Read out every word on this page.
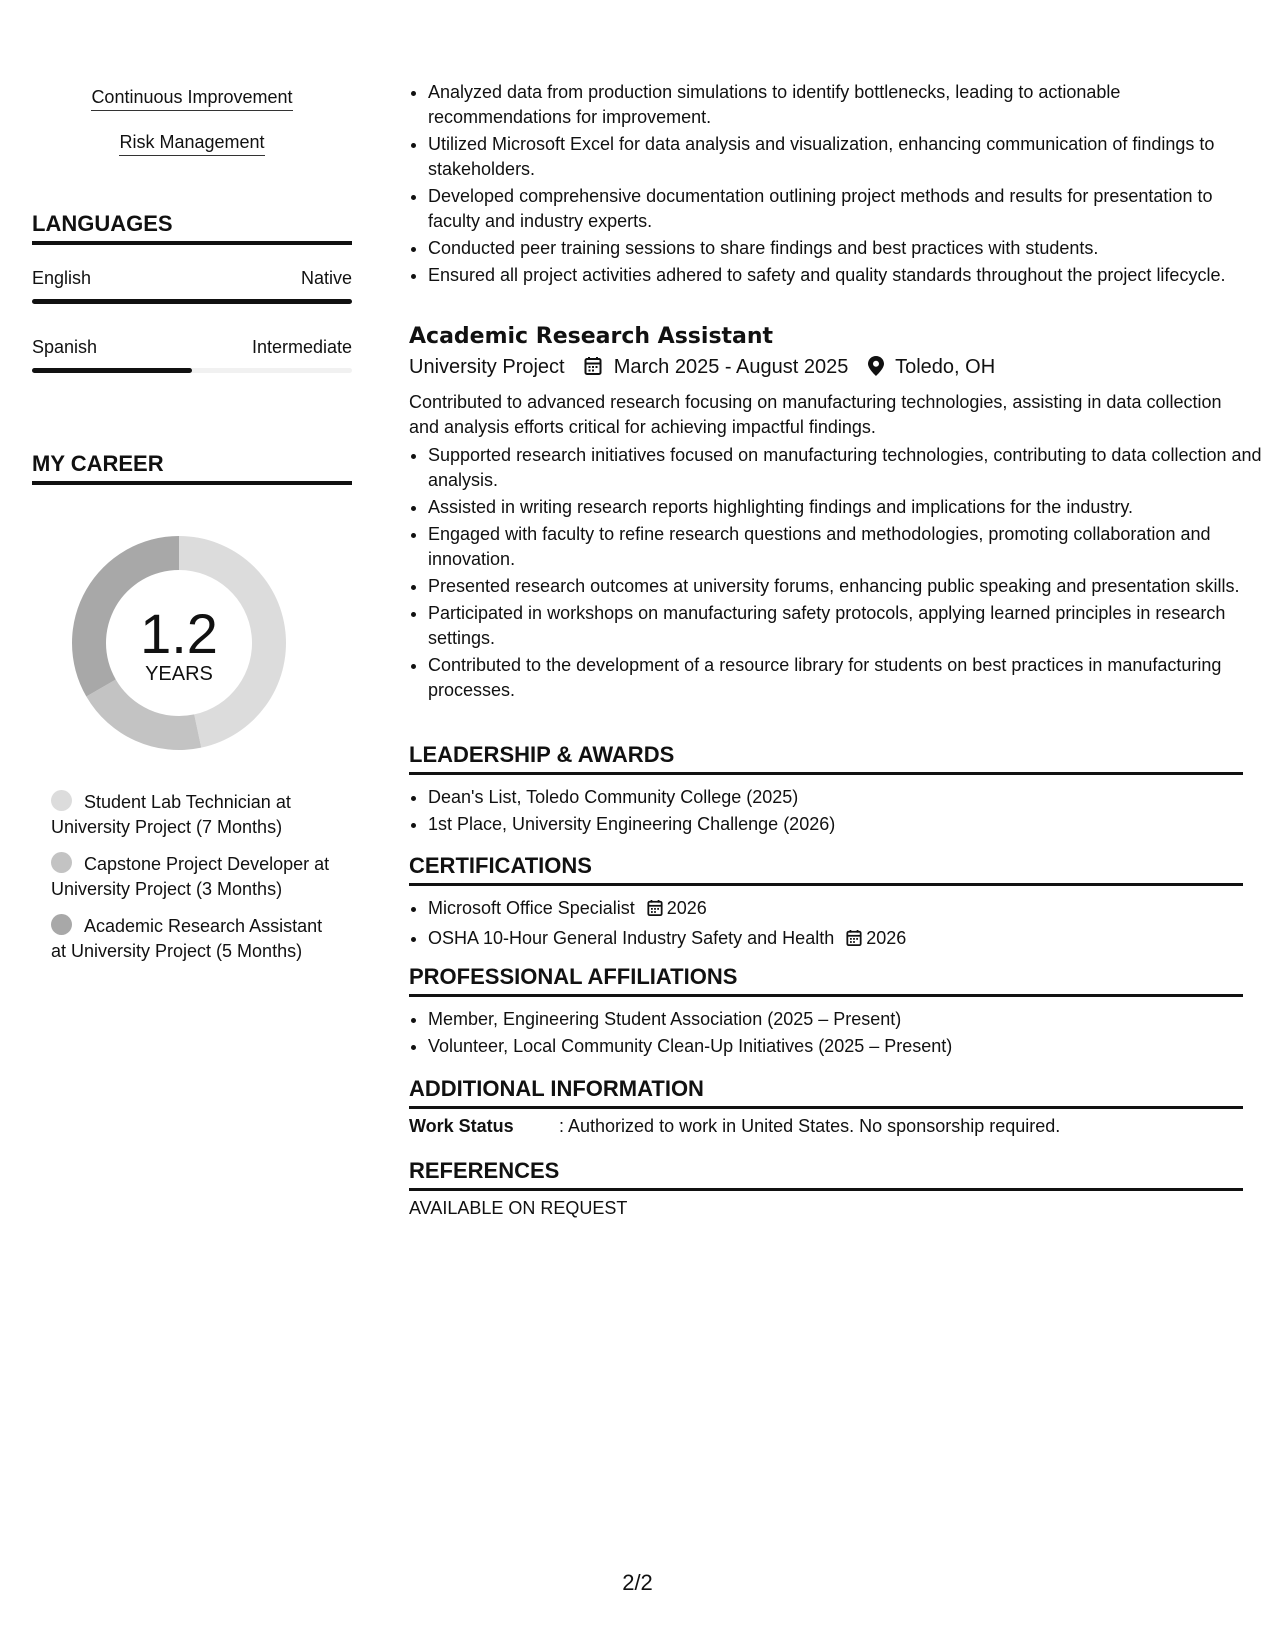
Continuous Improvement
Risk Management
LANGUAGES
English	Native
Spanish	Intermediate
MY CAREER
1.2
YEARS
Student Lab Technician at University Project (7 Months)
Capstone Project Developer at University Project (3 Months)
Academic Research Assistant at University Project (5 Months)
• Analyzed data from production simulations to identify bottlenecks, leading to actionable recommendations for improvement.
• Utilized Microsoft Excel for data analysis and visualization, enhancing communication of findings to stakeholders.
• Developed comprehensive documentation outlining project methods and results for presentation to faculty and industry experts.
• Conducted peer training sessions to share findings and best practices with students.
• Ensured all project activities adhered to safety and quality standards throughout the project lifecycle.
Academic Research Assistant
University Project March 2025 - August 2025 Toledo, OH
Contributed to advanced research focusing on manufacturing technologies, assisting in data collection and analysis efforts critical for achieving impactful findings.
• Supported research initiatives focused on manufacturing technologies, contributing to data collection and analysis.
• Assisted in writing research reports highlighting findings and implications for the industry.
• Engaged with faculty to refine research questions and methodologies, promoting collaboration and innovation.
• Presented research outcomes at university forums, enhancing public speaking and presentation skills.
• Participated in workshops on manufacturing safety protocols, applying learned principles in research settings.
• Contributed to the development of a resource library for students on best practices in manufacturing processes.
LEADERSHIP & AWARDS
• Dean's List, Toledo Community College (2025)
• 1st Place, University Engineering Challenge (2026)
CERTIFICATIONS
• Microsoft Office Specialist 2026
• OSHA 10-Hour General Industry Safety and Health 2026
PROFESSIONAL AFFILIATIONS
• Member, Engineering Student Association (2025 – Present)
• Volunteer, Local Community Clean-Up Initiatives (2025 – Present)
ADDITIONAL INFORMATION
Work Status	: Authorized to work in United States. No sponsorship required.
REFERENCES
AVAILABLE ON REQUEST
2/2
